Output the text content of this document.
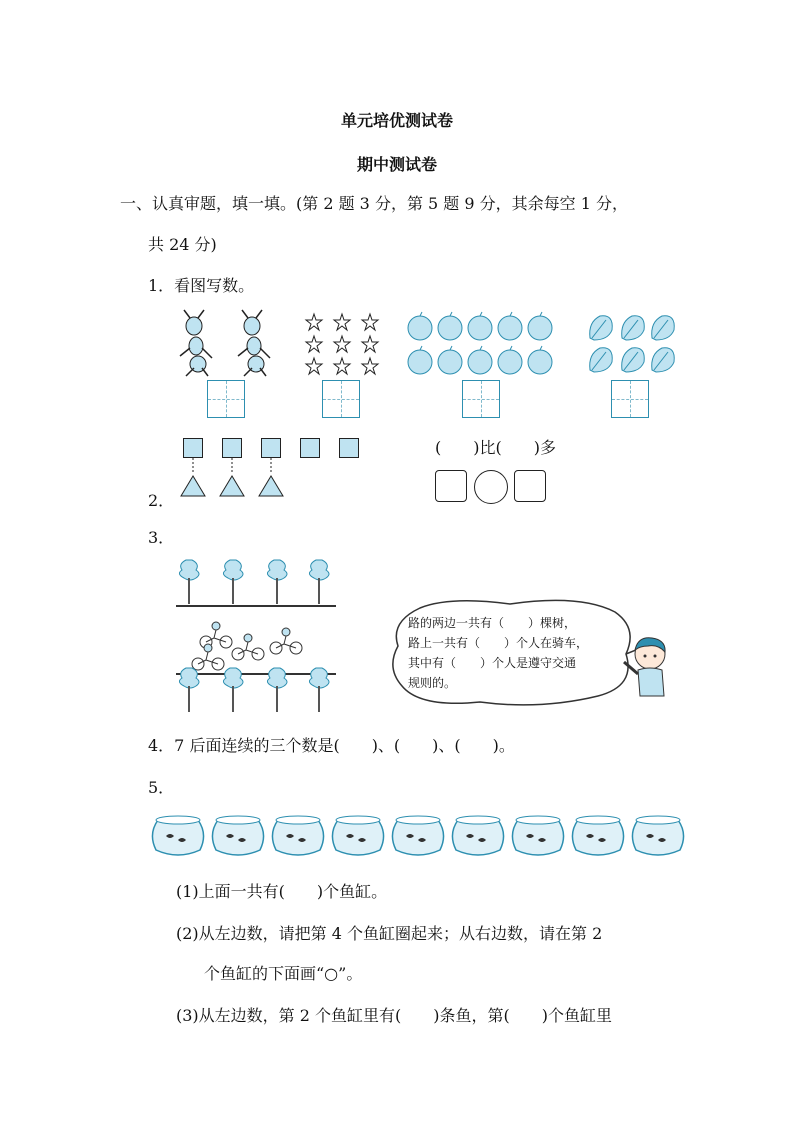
单元培优测试卷
期中测试卷
一、认真审题，填一填。(第 2 题 3 分，第 5 题 9 分，其余每空 1 分，
共 24 分)
1．看图写数。
2．
(　　)比(　　)多
3．
路的两边一共有（　　）棵树，
路上一共有（　　）个人在骑车，
其中有（　　）个人是遵守交通
规则的。
4．7 后面连续的三个数是(　　)、(　　)、(　　)。
5．
(1)上面一共有(　　)个鱼缸。
(2)从左边数，请把第 4 个鱼缸圈起来；从右边数，请在第 2
个鱼缸的下面画“○”。
(3)从左边数，第 2 个鱼缸里有(　　)条鱼，第(　　)个鱼缸里
